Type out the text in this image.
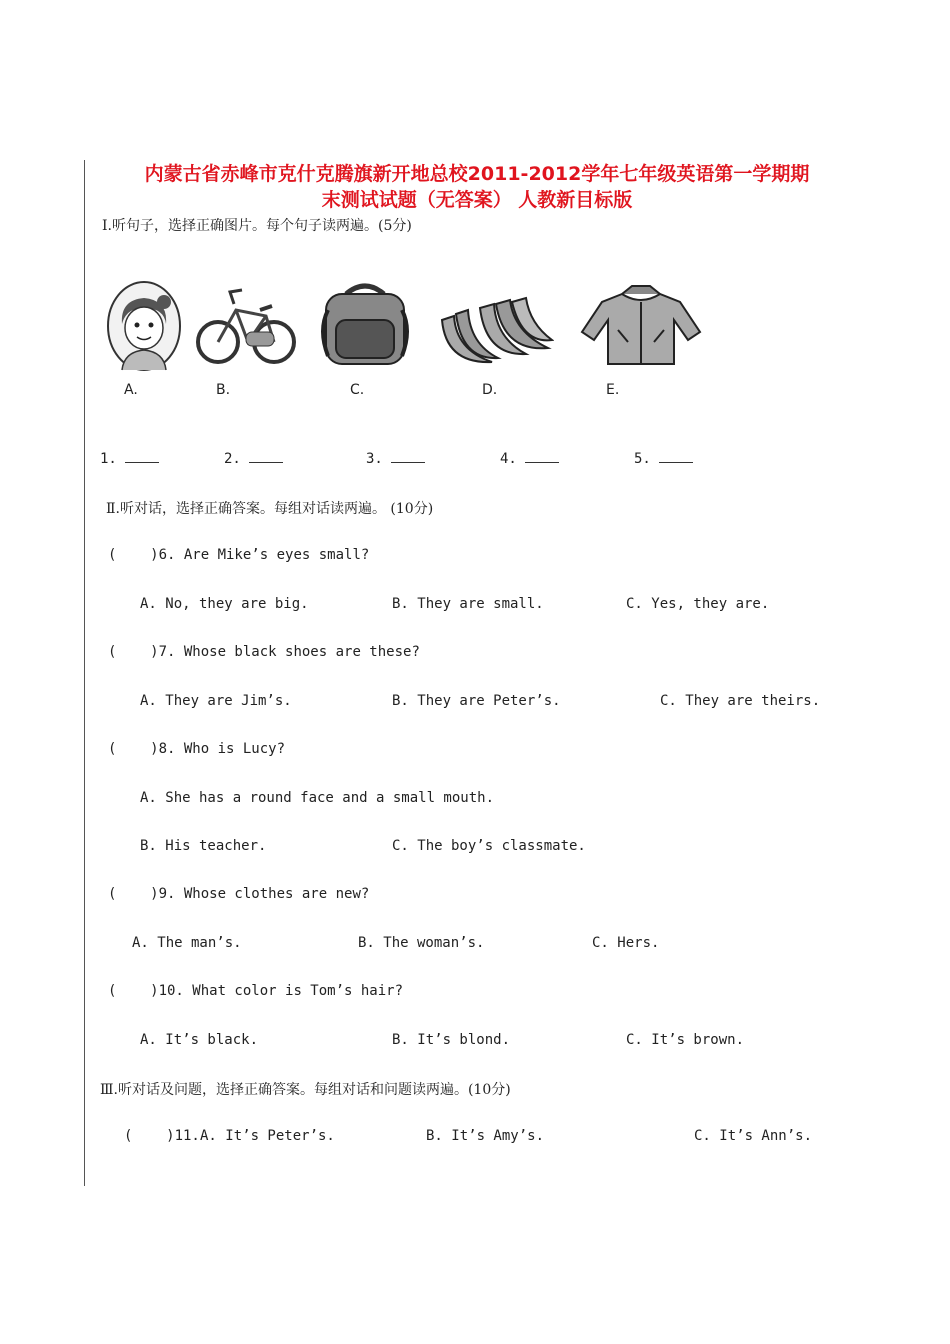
内蒙古省赤峰市克什克腾旗新开地总校2011-2012学年七年级英语第一学期期
末测试试题（无答案） 人教新目标版
Ⅰ.听句子，选择正确图片。每个句子读两遍。(5分)
A.	B.	C.	D.	E.
1.	2.	3.	4.	5.
Ⅱ.听对话，选择正确答案。每组对话读两遍。 (10分)
(    )6. Are Mike’s eyes small?
A. No, they are big.	B. They are small.	C. Yes, they are.
(    )7. Whose black shoes are these?
A. They are Jim’s.	B. They are Peter’s.	C. They are theirs.
(    )8. Who is Lucy?
A. She has a round face and a small mouth.
B. His teacher.	C. The boy’s classmate.
(    )9. Whose clothes are new?
A. The man’s.	B. The woman’s.	C. Hers.
(    )10. What color is Tom’s hair?
A. It’s black.	B. It’s blond.	C. It’s brown.
Ⅲ.听对话及问题，选择正确答案。每组对话和问题读两遍。(10分)
(    )11. A. It’s Peter’s.	B. It’s Amy’s.	C. It’s Ann’s.
